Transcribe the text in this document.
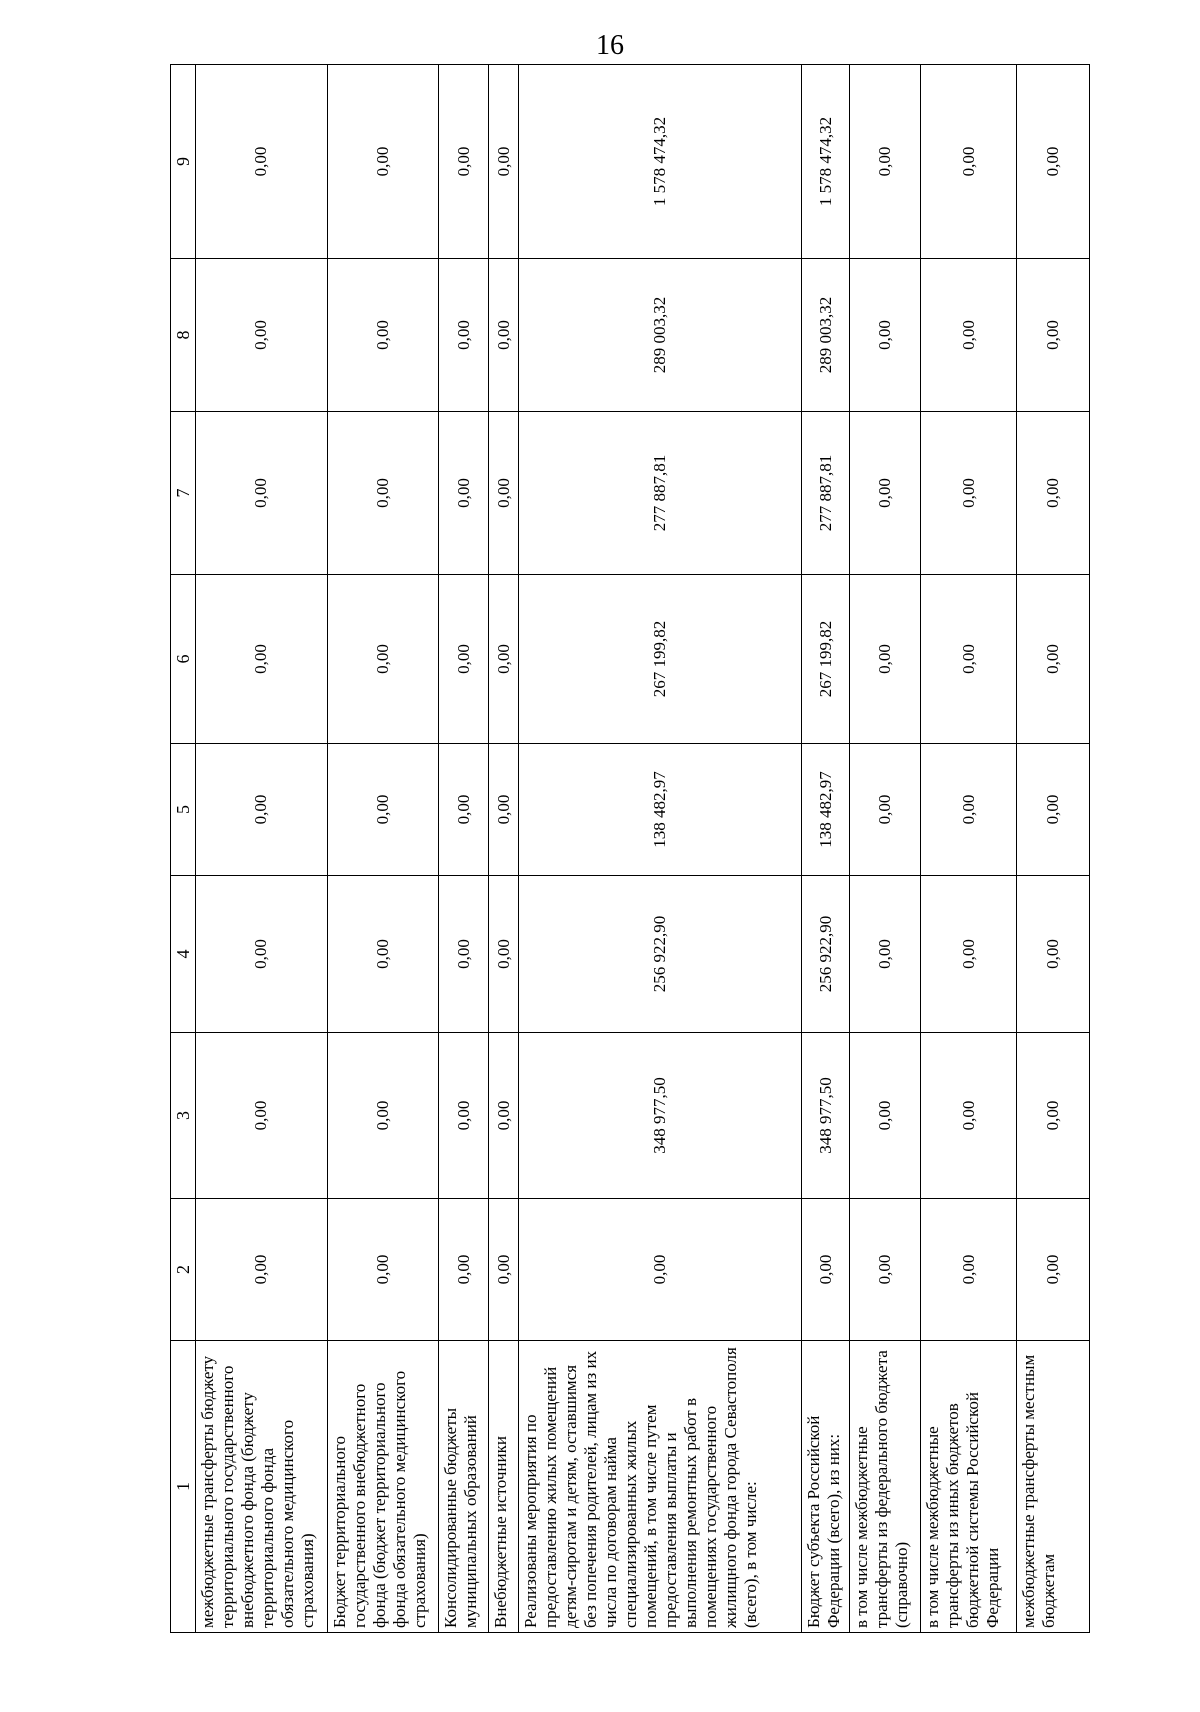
16
1	2	3	4	5	6	7	8	9
межбюджетные трансферты бюджету территориального государственного внебюджетного фонда (бюджету территориального фонда обязательного медицинского страхования)	0,00	0,00	0,00	0,00	0,00	0,00	0,00	0,00
Бюджет территориального государственного внебюджетного фонда (бюджет территориального фонда обязательного медицинского страхования)	0,00	0,00	0,00	0,00	0,00	0,00	0,00	0,00
Консолидированные бюджеты муниципальных образований	0,00	0,00	0,00	0,00	0,00	0,00	0,00	0,00
Внебюджетные источники	0,00	0,00	0,00	0,00	0,00	0,00	0,00	0,00
Реализованы мероприятия по предоставлению жилых помещений детям-сиротам и детям, оставшимся без попечения родителей, лицам из их числа по договорам найма специализированных жилых помещений, в том числе путем предоставления выплаты и выполнения ремонтных работ в помещениях государственного жилищного фонда города Севастополя (всего), в том числе:	0,00	348 977,50	256 922,90	138 482,97	267 199,82	277 887,81	289 003,32	1 578 474,32
Бюджет субъекта Российской Федерации (всего), из них:	0,00	348 977,50	256 922,90	138 482,97	267 199,82	277 887,81	289 003,32	1 578 474,32
в том числе межбюджетные трансферты из федерального бюджета (справочно)	0,00	0,00	0,00	0,00	0,00	0,00	0,00	0,00
в том числе межбюджетные трансферты из иных бюджетов бюджетной системы Российской Федерации	0,00	0,00	0,00	0,00	0,00	0,00	0,00	0,00
межбюджетные трансферты местным бюджетам	0,00	0,00	0,00	0,00	0,00	0,00	0,00	0,00
